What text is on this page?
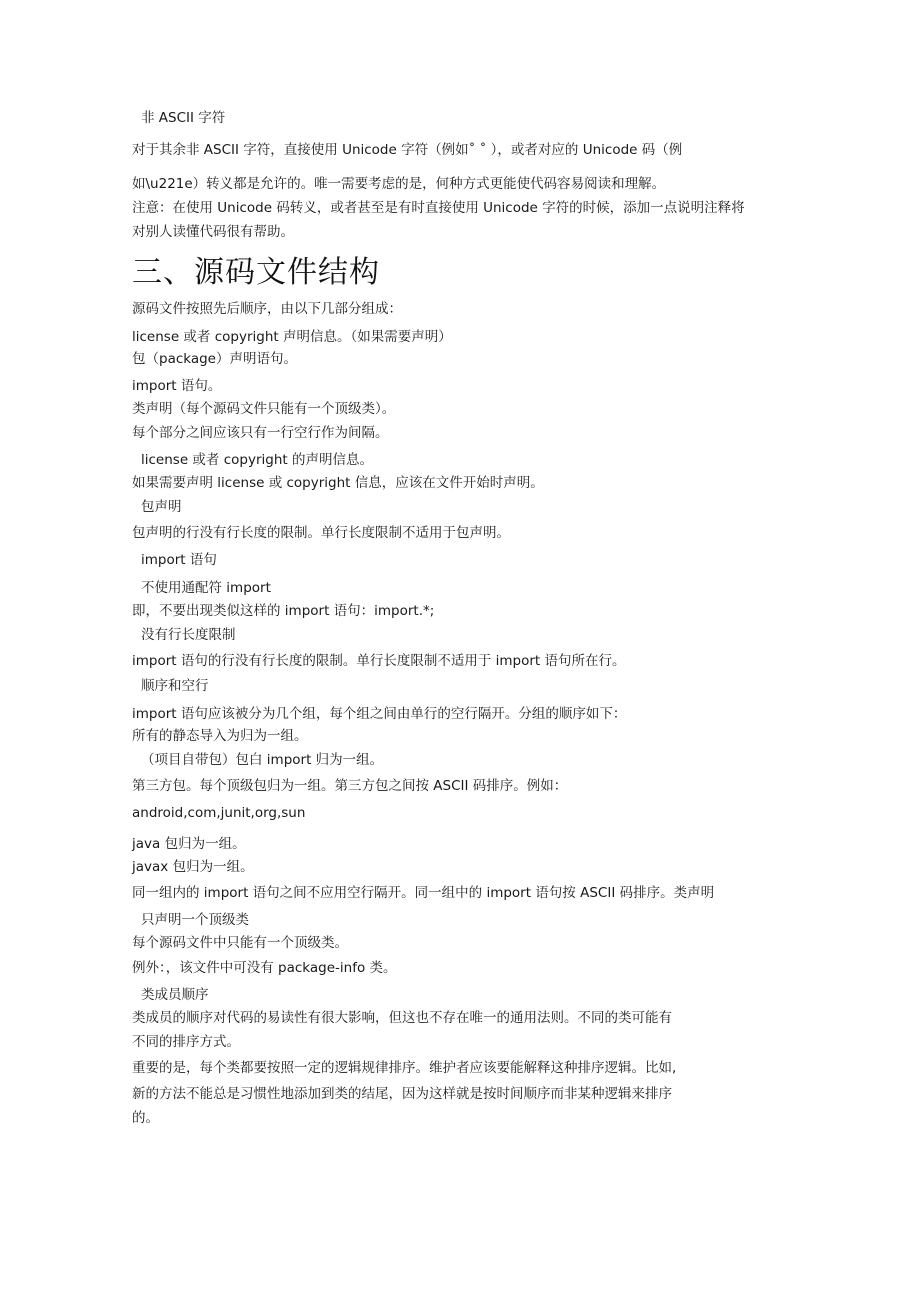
非 ASCII 字符
对于其余非 ASCII 字符，直接使用 Unicode 字符（例如˚ ˚ ），或者对应的 Unicode 码（例
如\u221e）转义都是允许的。唯一需要考虑的是，何种方式更能使代码容易阅读和理解。
注意：在使用 Unicode 码转义，或者甚至是有时直接使用 Unicode 字符的时候，添加一点说明注释将
对别人读懂代码很有帮助。
三、源码文件结构
源码文件按照先后顺序，由以下几部分组成：
license 或者 copyright 声明信息。（如果需要声明）
包（package）声明语句。
import 语句。
类声明（每个源码文件只能有一个顶级类）。
每个部分之间应该只有一行空行作为间隔。
license 或者 copyright 的声明信息。
如果需要声明 license 或 copyright 信息，应该在文件开始时声明。
包声明
包声明的行没有行长度的限制。单行长度限制不适用于包声明。
import 语句
不使用通配符 import
即，不要出现类似这样的 import 语句：import.*;
没有行长度限制
import 语句的行没有行长度的限制。单行长度限制不适用于 import 语句所在行。
顺序和空行
import 语句应该被分为几个组，每个组之间由单行的空行隔开。分组的顺序如下：
所有的静态导入为归为一组。
（项目自带包）包白 import 归为一组。
第三方包。每个顶级包归为一组。第三方包之间按 ASCII 码排序。例如：
android,com,junit,org,sun
java 包归为一组。
javax 包归为一组。
同一组内的 import 语句之间不应用空行隔开。同一组中的 import 语句按 ASCII 码排序。类声明
只声明一个顶级类
每个源码文件中只能有一个顶级类。
例外：，该文件中可没有 package-info 类。
类成员顺序
类成员的顺序对代码的易读性有很大影响，但这也不存在唯一的通用法则。不同的类可能有
不同的排序方式。
重要的是，每个类都要按照一定的逻辑规律排序。维护者应该要能解释这种排序逻辑。比如,
新的方法不能总是习惯性地添加到类的结尾，因为这样就是按时间顺序而非某种逻辑来排序
的。
